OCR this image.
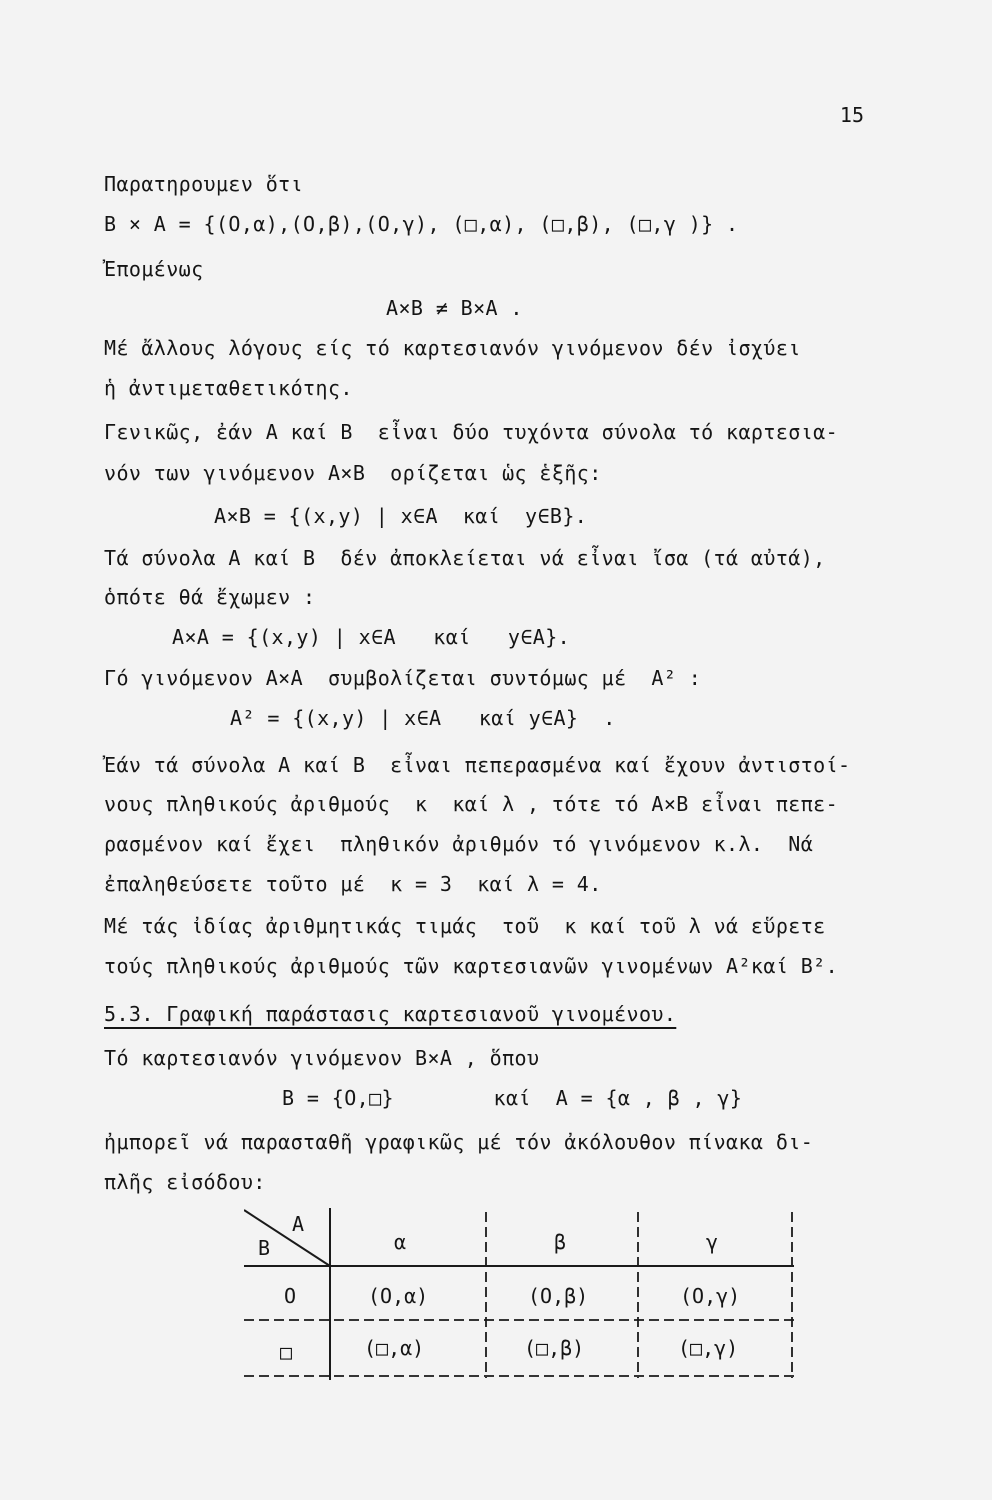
15
Παρατηρουμεν ὅτι
B × A = {(O,α),(O,β),(O,γ), (□,α), (□,β), (□,γ )} .
Ἐπομένως
A×B ≠ B×A .
Μέ ἄλλους λόγους είς τό καρτεσιανόν γινόμενον δέν ἰσχύει
ἡ ἀντιμεταθετικότης.
Γενικῶς, ἐάν A καί B  εἶναι δύο τυχόντα σύνολα τό καρτεσια-
νόν των γινόμενον A×B  ορίζεται ὡς ἑξῆς:
A×B = {(x,y) | x∈A  καί  y∈B}.
Τά σύνολα A καί B  δέν ἀποκλείεται νά εἶναι ἴσα (τά αὐτά),
ὁπότε θά ἔχωμεν :
A×A = {(x,y) | x∈A   καί   y∈A}.
Γό γινόμενον A×A  συμβολίζεται συντόμως μέ  A² :
A² = {(x,y) | x∈A   καί y∈A}  .
Ἐάν τά σύνολα A καί B  εἶναι πεπερασμένα καί ἔχουν ἀντιστοί-
νους πληθικούς ἀριθμούς  κ  καί λ , τότε τό A×B εἶναι πεπε-
ρασμένον καί ἔχει  πληθικόν ἀριθμόν τό γινόμενον κ.λ.  Νά
ἐπαληθεύσετε τοῦτο μέ  κ = 3  καί λ = 4.
Μέ τάς ἰδίας ἀριθμητικάς τιμάς  τοῦ  κ καί τοῦ λ νά εὕρετε
τούς πληθικούς ἀριθμούς τῶν καρτεσιανῶν γινομένων A²καί B².
5.3. Γραφική παράστασις καρτεσιανοῦ γινομένου.
Τό καρτεσιανόν γινόμενον B×A , ὅπου
B = {O,□}        καί  A = {α , β , γ}
ἠμπορεῖ νά παρασταθῆ γραφικῶς μέ τόν ἀκόλουθον πίνακα δι-
πλῆς εἰσόδου:
A
B	α	β	γ
O	(O,α)	(O,β)	(O,γ)
□	(□,α)	(□,β)	(□,γ)
